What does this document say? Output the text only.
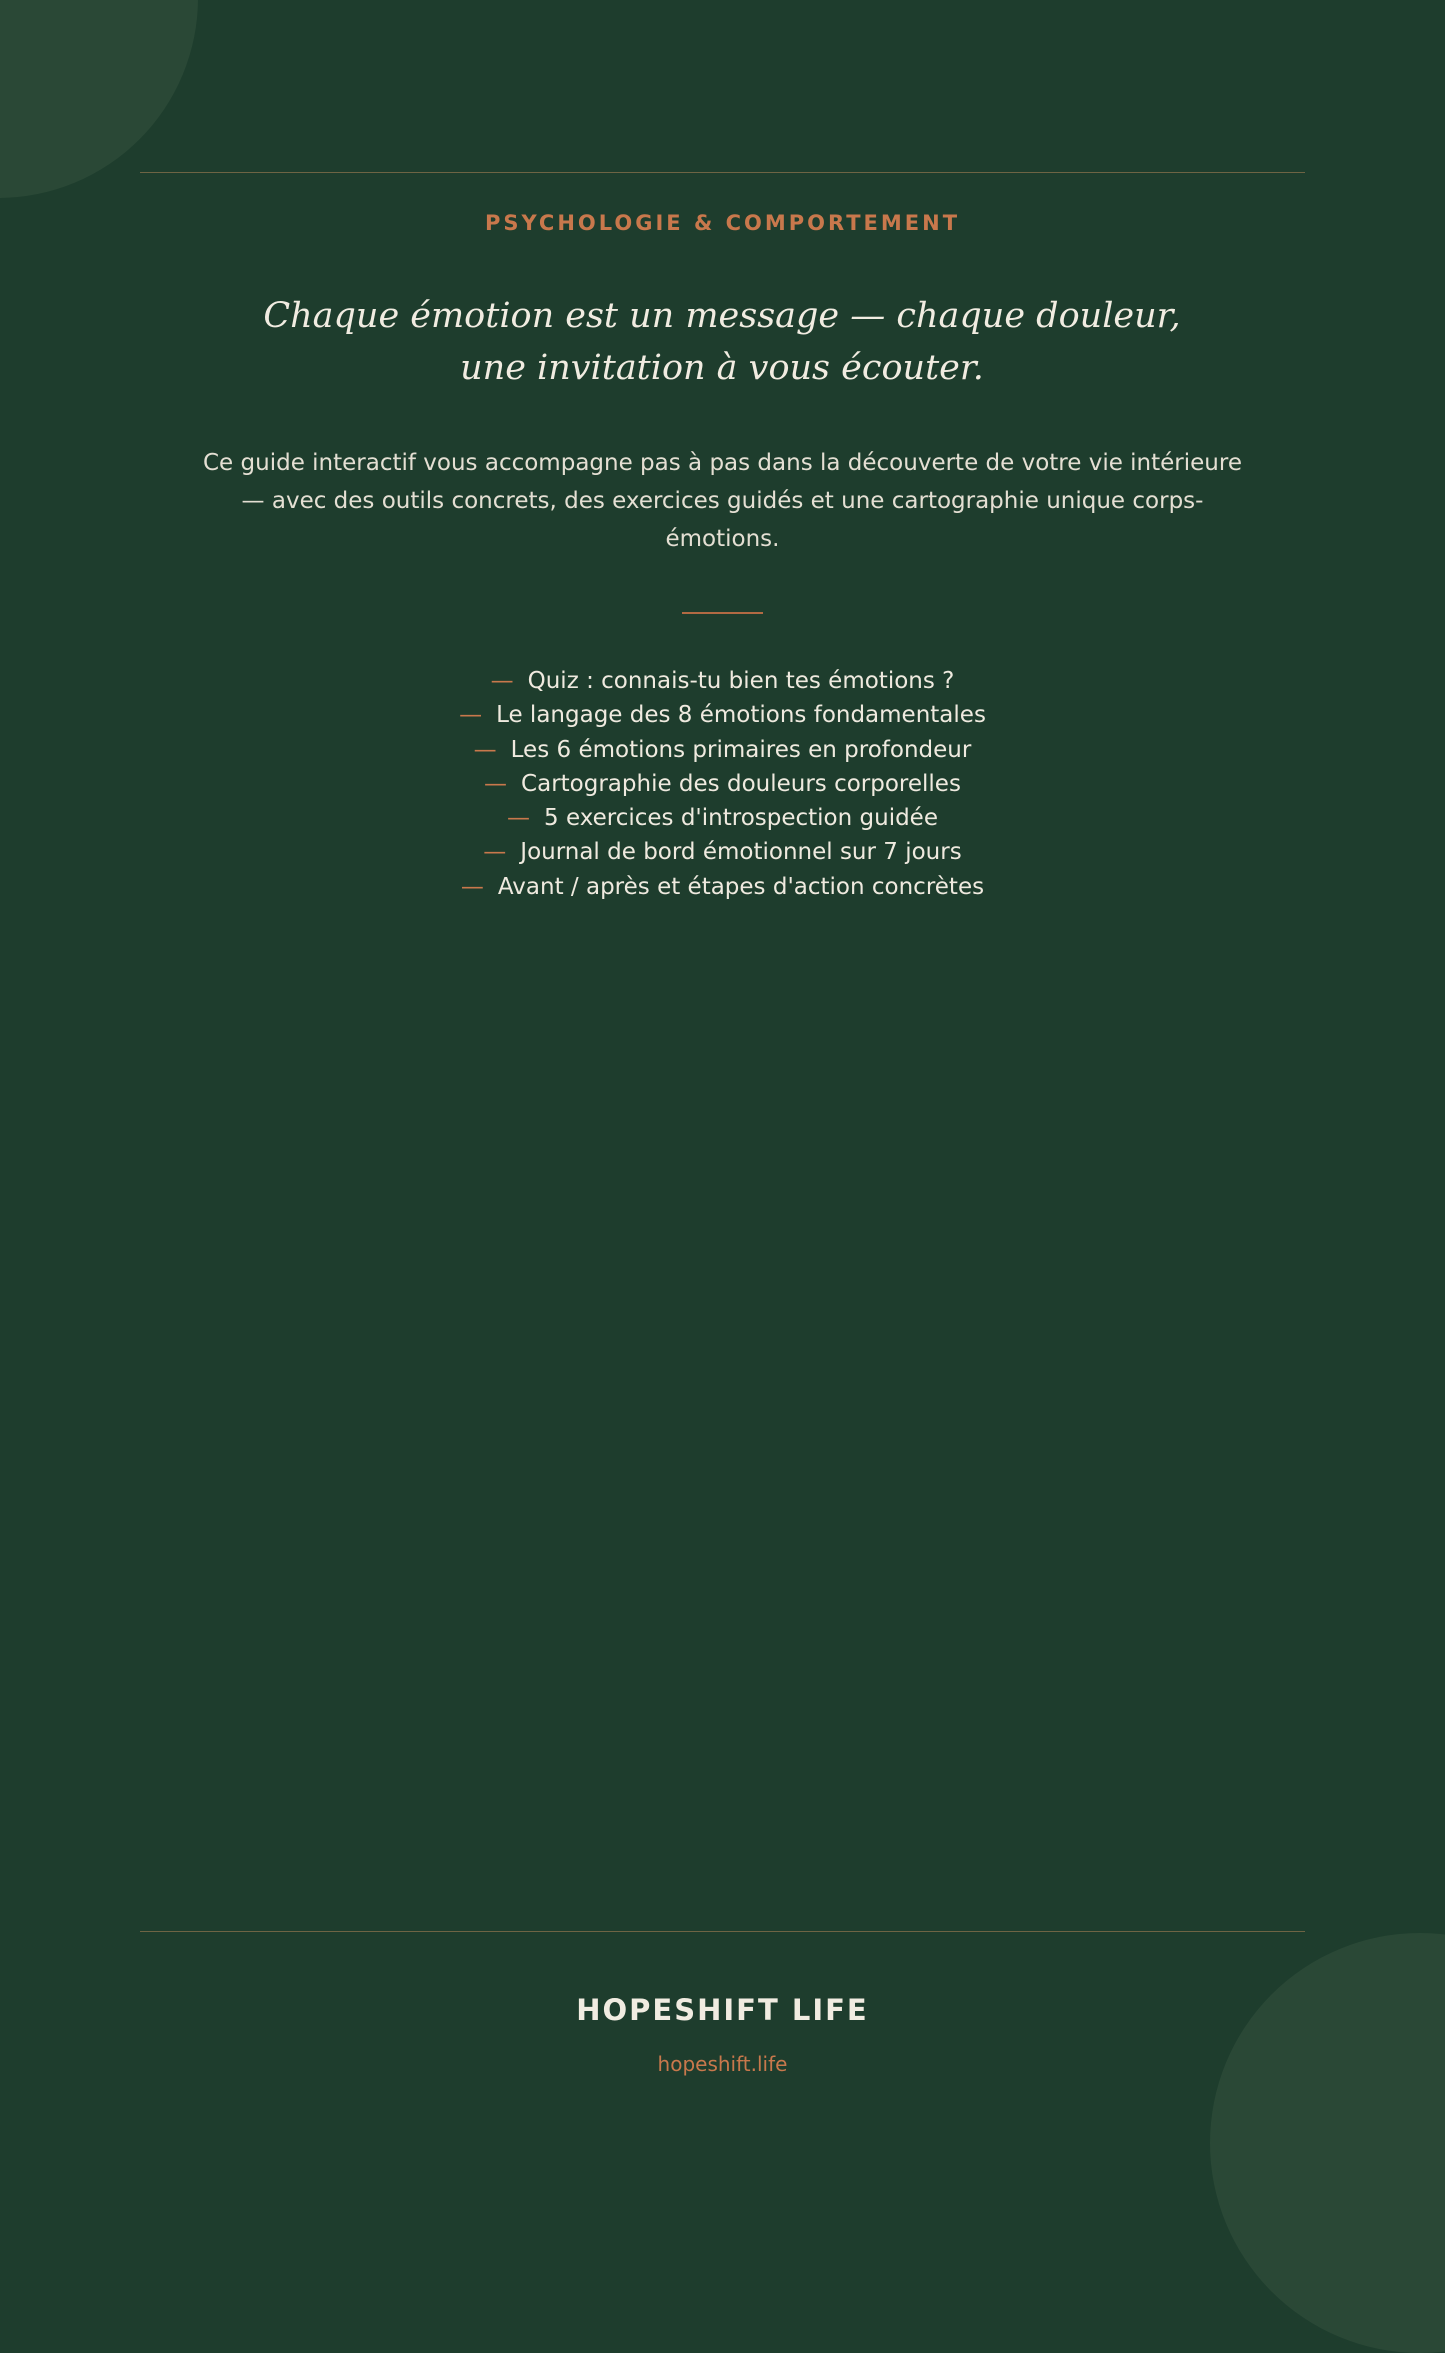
PSYCHOLOGIE & COMPORTEMENT
Chaque émotion est un message — chaque douleur,
une invitation à vous écouter.
Ce guide interactif vous accompagne pas à pas dans la découverte de votre vie intérieure — avec des outils concrets, des exercices guidés et une cartographie unique corps-émotions.
— Quiz : connais-tu bien tes émotions ?
— Le langage des 8 émotions fondamentales
— Les 6 émotions primaires en profondeur
— Cartographie des douleurs corporelles
— 5 exercices d'introspection guidée
— Journal de bord émotionnel sur 7 jours
— Avant / après et étapes d'action concrètes
HOPESHIFT LIFE
hopeshift.life
